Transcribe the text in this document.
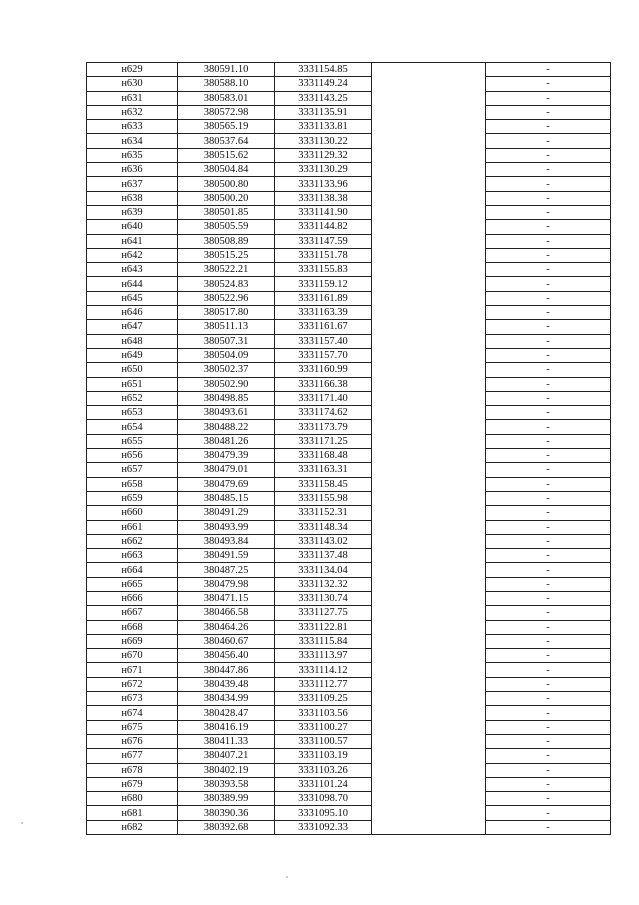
н629	380591.10	3331154.85		-
н630	380588.10	3331149.24		-
н631	380583.01	3331143.25		-
н632	380572.98	3331135.91		-
н633	380565.19	3331133.81		-
н634	380537.64	3331130.22		-
н635	380515.62	3331129.32		-
н636	380504.84	3331130.29		-
н637	380500.80	3331133.96		-
н638	380500.20	3331138.38		-
н639	380501.85	3331141.90		-
н640	380505.59	3331144.82		-
н641	380508.89	3331147.59		-
н642	380515.25	3331151.78		-
н643	380522.21	3331155.83		-
н644	380524.83	3331159.12		-
н645	380522.96	3331161.89		-
н646	380517.80	3331163.39		-
н647	380511.13	3331161.67		-
н648	380507.31	3331157.40		-
н649	380504.09	3331157.70		-
н650	380502.37	3331160.99		-
н651	380502.90	3331166.38		-
н652	380498.85	3331171.40		-
н653	380493.61	3331174.62		-
н654	380488.22	3331173.79		-
н655	380481.26	3331171.25		-
н656	380479.39	3331168.48		-
н657	380479.01	3331163.31		-
н658	380479.69	3331158.45		-
н659	380485.15	3331155.98		-
н660	380491.29	3331152.31		-
н661	380493.99	3331148.34		-
н662	380493.84	3331143.02		-
н663	380491.59	3331137.48		-
н664	380487.25	3331134.04		-
н665	380479.98	3331132.32		-
н666	380471.15	3331130.74		-
н667	380466.58	3331127.75		-
н668	380464.26	3331122.81		-
н669	380460.67	3331115.84		-
н670	380456.40	3331113.97		-
н671	380447.86	3331114.12		-
н672	380439.48	3331112.77		-
н673	380434.99	3331109.25		-
н674	380428.47	3331103.56		-
н675	380416.19	3331100.27		-
н676	380411.33	3331100.57		-
н677	380407.21	3331103.19		-
н678	380402.19	3331103.26		-
н679	380393.58	3331101.24		-
н680	380389.99	3331098.70		-
н681	380390.36	3331095.10		-
н682	380392.68	3331092.33		-
